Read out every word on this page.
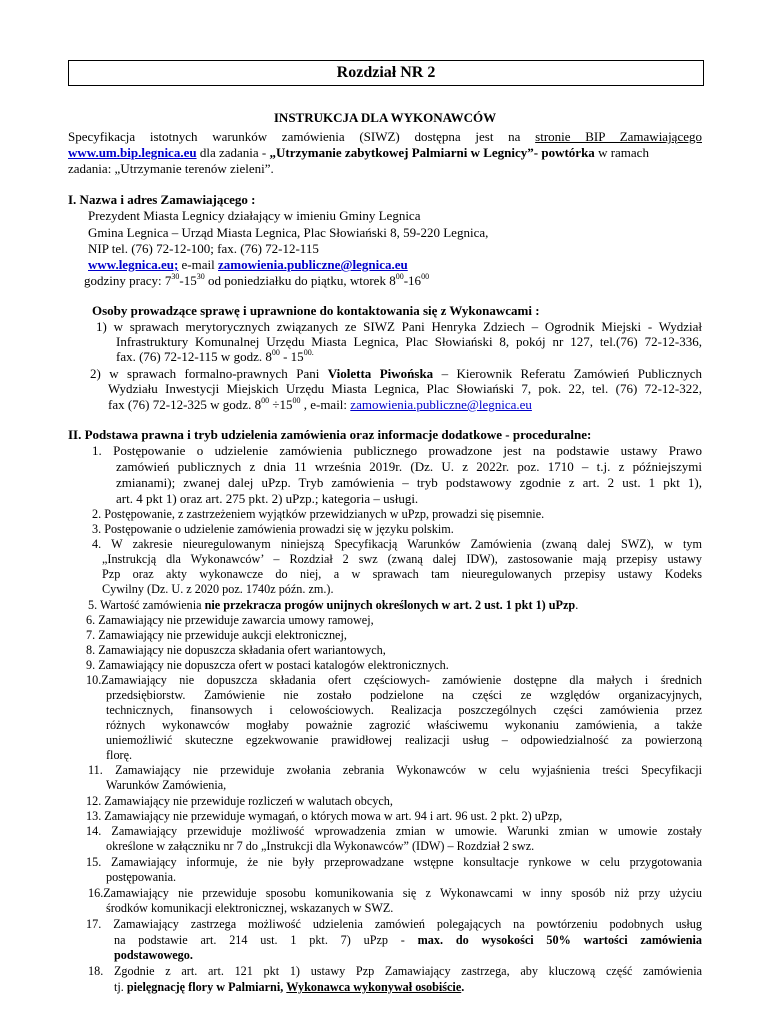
Rozdział NR 2
INSTRUKCJA DLA WYKONAWCÓW
Specyfikacja istotnych warunków zamówienia (SIWZ) dostępna jest na stronie BIP Zamawiającego
www.um.bip.legnica.eu dla zadania - „Utrzymanie zabytkowej Palmiarni w Legnicy”- powtórka w ramach
zadania: „Utrzymanie terenów zieleni”.
I. Nazwa i adres Zamawiającego :
Prezydent Miasta Legnicy działający w imieniu Gminy Legnica
Gmina Legnica – Urząd Miasta Legnica, Plac Słowiański 8, 59-220 Legnica,
NIP tel. (76) 72-12-100; fax. (76) 72-12-115
www.legnica.eu; e-mail zamowienia.publiczne@legnica.eu
godziny pracy: $7^{30}-15^{30}$ od poniedziałku do piątku, wtorek $8^{00}-16^{00}$
Osoby prowadzące sprawę i uprawnione do kontaktowania się z Wykonawcami :
1) w sprawach merytorycznych związanych ze SIWZ Pani Henryka Zdziech – Ogrodnik Miejski - Wydział
Infrastruktury Komunalnej Urzędu Miasta Legnica, Plac Słowiański 8, pokój nr 127, tel.(76) 72-12-336,
fax. (76) 72-12-115 w godz. $8^{00} - 15^{00.}$
2) w sprawach formalno-prawnych Pani Violetta Piwońska – Kierownik Referatu Zamówień Publicznych
Wydziału Inwestycji Miejskich Urzędu Miasta Legnica, Plac Słowiański 7, pok. 22, tel. (76) 72-12-322,
fax (76) 72-12-325 w godz. $8^{00} \div 15^{00}$ , e-mail: zamowienia.publiczne@legnica.eu
II. Podstawa prawna i tryb udzielenia zamówienia oraz informacje dodatkowe - proceduralne:
1. Postępowanie o udzielenie zamówienia publicznego prowadzone jest na podstawie ustawy Prawo
zamówień publicznych z dnia 11 września 2019r. (Dz. U. z 2022r. poz. 1710 – t.j. z późniejszymi
zmianami); zwanej dalej uPzp. Tryb zamówienia – tryb podstawowy zgodnie z art. 2 ust. 1 pkt 1),
art. 4 pkt 1) oraz art. 275 pkt. 2) uPzp.; kategoria – usługi.
2. Postępowanie, z zastrzeżeniem wyjątków przewidzianych w uPzp, prowadzi się pisemnie.
3. Postępowanie o udzielenie zamówienia prowadzi się w języku polskim.
4. W zakresie nieuregulowanym niniejszą Specyfikacją Warunków Zamówienia (zwaną dalej SWZ), w tym
„Instrukcją dla Wykonawców’ – Rozdział 2 swz (zwaną dalej IDW), zastosowanie mają przepisy ustawy
Pzp oraz akty wykonawcze do niej, a w sprawach tam nieuregulowanych przepisy ustawy Kodeks
Cywilny (Dz. U. z 2020 poz. 1740z późn. zm.).
5. Wartość zamówienia nie przekracza progów unijnych określonych w art. 2 ust. 1 pkt 1) uPzp.
6. Zamawiający nie przewiduje zawarcia umowy ramowej,
7. Zamawiający nie przewiduje aukcji elektronicznej,
8. Zamawiający nie dopuszcza składania ofert wariantowych,
9. Zamawiający nie dopuszcza ofert w postaci katalogów elektronicznych.
10.Zamawiający nie dopuszcza składania ofert częściowych- zamówienie dostępne dla małych i średnich
przedsiębiorstw. Zamówienie nie zostało podzielone na części ze względów organizacyjnych,
technicznych, finansowych i celowościowych. Realizacja poszczególnych części zamówienia przez
różnych wykonawców mogłaby poważnie zagrozić właściwemu wykonaniu zamówienia, a także
uniemożliwić skuteczne egzekwowanie prawidłowej realizacji usług – odpowiedzialność za powierzoną
florę.
11. Zamawiający nie przewiduje zwołania zebrania Wykonawców w celu wyjaśnienia treści Specyfikacji
Warunków Zamówienia,
12. Zamawiający nie przewiduje rozliczeń w walutach obcych,
13. Zamawiający nie przewiduje wymagań, o których mowa w art. 94 i art. 96 ust. 2 pkt. 2) uPzp,
14. Zamawiający przewiduje możliwość wprowadzenia zmian w umowie. Warunki zmian w umowie zostały
określone w załączniku nr 7 do „Instrukcji dla Wykonawców” (IDW) – Rozdział 2 swz.
15. Zamawiający informuje, że nie były przeprowadzane wstępne konsultacje rynkowe w celu przygotowania
postępowania.
16.Zamawiający nie przewiduje sposobu komunikowania się z Wykonawcami w inny sposób niż przy użyciu
środków komunikacji elektronicznej, wskazanych w SWZ.
17. Zamawiający zastrzega możliwość udzielenia zamówień polegających na powtórzeniu podobnych usług
na podstawie art. 214 ust. 1 pkt. 7) uPzp - max. do wysokości 50% wartości zamówienia
podstawowego.
18. Zgodnie z art. art. 121 pkt 1) ustawy Pzp Zamawiający zastrzega, aby kluczową część zamówienia
tj. pielęgnację flory w Palmiarni, Wykonawca wykonywał osobiście.
